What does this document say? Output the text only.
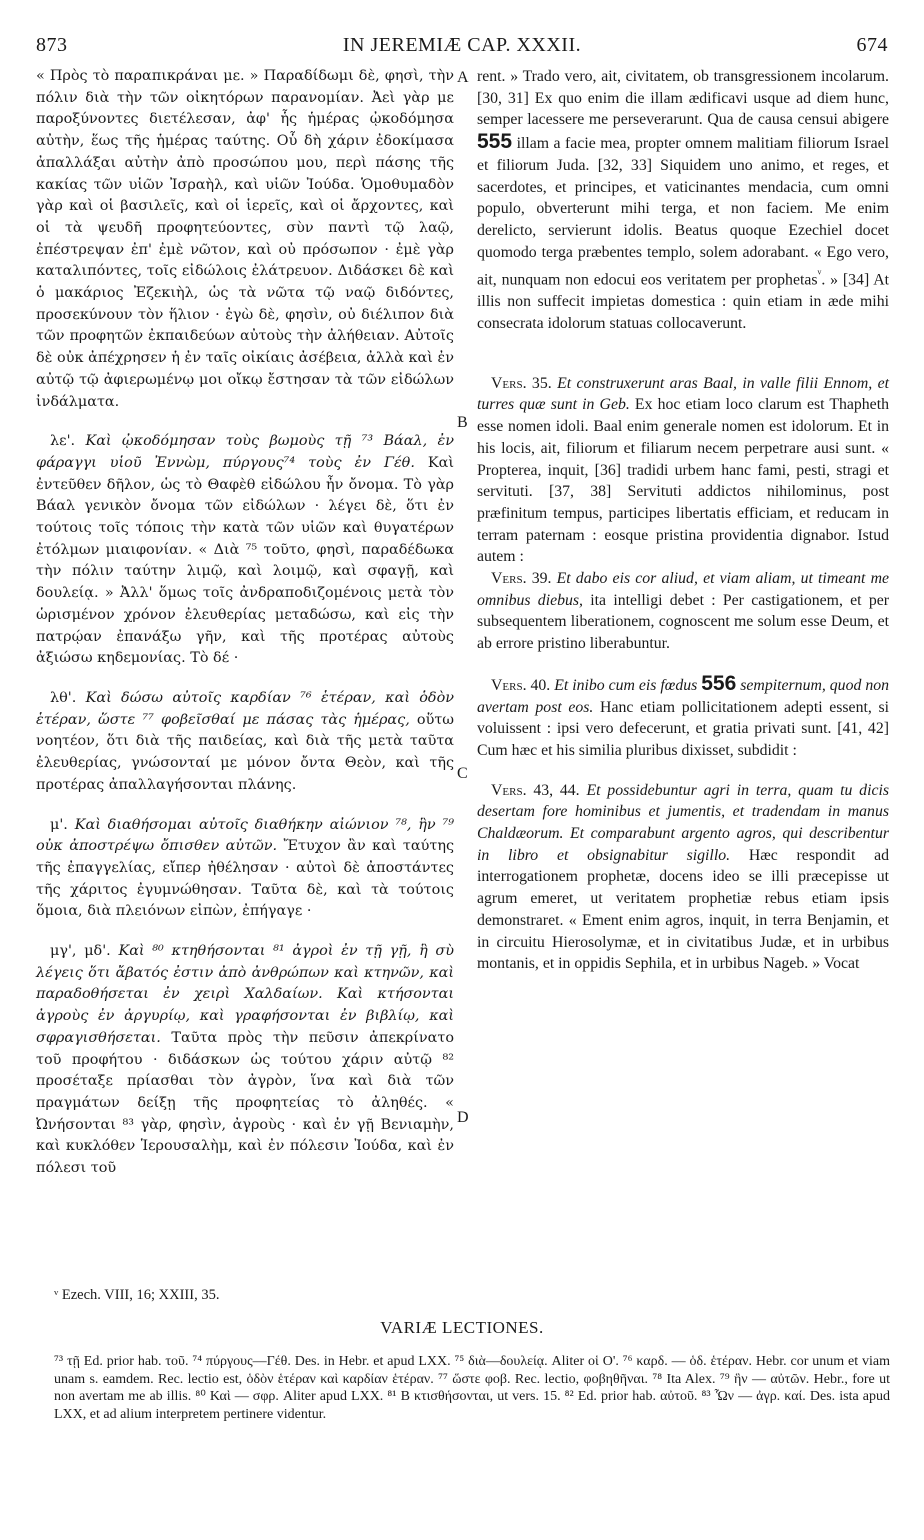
873	IN JEREMIÆ CAP. XXXII.	674

« Πρὸς τὸ παραπικράναι με. » Παραδίδωμι δὲ, φησὶ, τὴν πόλιν διὰ τὴν τῶν οἰκητόρων παρανομίαν. Ἀεὶ γὰρ με παροξύνοντες διετέλεσαν, ἀφ' ἧς ἡμέρας ᾠκοδόμησα αὐτὴν, ἕως τῆς ἡμέρας ταύτης. Οὗ δὴ χάριν ἐδοκίμασα ἀπαλλάξαι αὐτὴν ἀπὸ προσώπου μου, περὶ πάσης τῆς κακίας τῶν υἱῶν Ἰσραὴλ, καὶ υἱῶν Ἰούδα. Ὁμοθυμαδὸν γὰρ καὶ οἱ βασιλεῖς, καὶ οἱ ἱερεῖς, καὶ οἱ ἄρχοντες, καὶ οἱ τὰ ψευδῆ προφητεύοντες, σὺν παντὶ τῷ λαῷ, ἐπέστρεψαν ἐπ' ἐμὲ νῶτον, καὶ οὐ πρόσωπον · ἐμὲ γὰρ καταλιπόντες, τοῖς εἰδώλοις ἐλάτρευον. Διδάσκει δὲ καὶ ὁ μακάριος Ἐζεκιὴλ, ὡς τὰ νῶτα τῷ ναῷ διδόντες, προσεκύνουν τὸν ἥλιον · ἐγὼ δὲ, φησὶν, οὐ διέλιπον διὰ τῶν προφητῶν ἐκπαιδεύων αὐτοὺς τὴν ἀλήθειαν. Αὐτοῖς δὲ οὐκ ἀπέχρησεν ἡ ἐν ταῖς οἰκίαις ἀσέβεια, ἀλλὰ καὶ ἐν αὐτῷ τῷ ἀφιερωμένῳ μοι οἴκῳ ἔστησαν τὰ τῶν εἰδώλων ἰνδάλματα.

λε'. Καὶ ᾠκοδόμησαν τοὺς βωμοὺς τῇ ⁷³ Βάαλ, ἐν φάραγγι υἱοῦ Ἐννὼμ, πύργους⁷⁴ τοὺς ἐν Γέθ. Καὶ ἐντεῦθεν δῆλον, ὡς τὸ Θαφὲθ εἰδώλου ἦν ὄνομα. Τὸ γὰρ Βάαλ γενικὸν ὄνομα τῶν εἰδώλων · λέγει δὲ, ὅτι ἐν τούτοις τοῖς τόποις τὴν κατὰ τῶν υἱῶν καὶ θυγατέρων ἐτόλμων μιαιφονίαν. « Διὰ ⁷⁵ τοῦτο, φησὶ, παραδέδωκα τὴν πόλιν ταύτην λιμῷ, καὶ λοιμῷ, καὶ σφαγῇ, καὶ δουλείᾳ. » Ἀλλ' ὅμως τοῖς ἀνδραποδιζομένοις μετὰ τὸν ὡρισμένον χρόνον ἐλευθερίας μεταδώσω, καὶ εἰς τὴν πατρῴαν ἐπανάξω γῆν, καὶ τῆς προτέρας αὐτοὺς ἀξιώσω κηδεμονίας. Τὸ δέ ·

λθ'. Καὶ δώσω αὐτοῖς καρδίαν ⁷⁶ ἑτέραν, καὶ ὁδὸν ἑτέραν, ὥστε ⁷⁷ φοβεῖσθαί με πάσας τὰς ἡμέρας, οὕτω νοητέον, ὅτι διὰ τῆς παιδείας, καὶ διὰ τῆς μετὰ ταῦτα ἐλευθερίας, γνώσονταί με μόνον ὄντα Θεὸν, καὶ τῆς προτέρας ἀπαλλαγήσονται πλάνης.

μ'. Καὶ διαθήσομαι αὐτοῖς διαθήκην αἰώνιον ⁷⁸, ἣν ⁷⁹ οὐκ ἀποστρέψω ὄπισθεν αὐτῶν. Ἔτυχον ἂν καὶ ταύτης τῆς ἐπαγγελίας, εἴπερ ἠθέλησαν · αὐτοὶ δὲ ἀποστάντες τῆς χάριτος ἐγυμνώθησαν. Ταῦτα δὲ, καὶ τὰ τούτοις ὅμοια, διὰ πλειόνων εἰπὼν, ἐπήγαγε ·

μγ', μδ'. Καὶ ⁸⁰ κτηθήσονται ⁸¹ ἀγροὶ ἐν τῇ γῇ, ἣ σὺ λέγεις ὅτι ἄβατός ἐστιν ἀπὸ ἀνθρώπων καὶ κτηνῶν, καὶ παραδοθήσεται ἐν χειρὶ Χαλδαίων. Καὶ κτήσονται ἀγροὺς ἐν ἀργυρίῳ, καὶ γραφήσονται ἐν βιβλίῳ, καὶ σφραγισθήσεται. Ταῦτα πρὸς τὴν πεῦσιν ἀπεκρίνατο τοῦ προφήτου · διδάσκων ὡς τούτου χάριν αὐτῷ ⁸² προσέταξε πρίασθαι τὸν ἀγρὸν, ἵνα καὶ διὰ τῶν πραγμάτων δείξῃ τῆς προφητείας τὸ ἀληθές. « Ὠνήσονται ⁸³ γὰρ, φησὶν, ἀγροὺς · καὶ ἐν γῇ Βενιαμὴν, καὶ κυκλόθεν Ἱερουσαλὴμ, καὶ ἐν πόλεσιν Ἰούδα, καὶ ἐν πόλεσι τοῦ

A
B
C
D

rent. » Trado vero, ait, civitatem, ob transgressionem incolarum. [30, 31] Ex quo enim die illam ædificavi usque ad diem hunc, semper lacessere me perseverarunt. Qua de causa censui abigere 555 illam a facie mea, propter omnem malitiam filiorum Israel et filiorum Juda. [32, 33] Siquidem uno animo, et reges, et sacerdotes, et principes, et vaticinantes mendacia, cum omni populo, obverterunt mihi terga, et non faciem. Me enim derelicto, servierunt idolis. Beatus quoque Ezechiel docet quomodo terga præbentes templo, solem adorabant. « Ego vero, ait, nunquam non edocui eos veritatem per prophetas$^ᵛ$. » [34] At illis non suffecit impietas domestica : quin etiam in æde mihi consecrata idolorum statuas collocaverunt.

Vers. 35. Et construxerunt aras Baal, in valle filii Ennom, et turres quæ sunt in Geb. Ex hoc etiam loco clarum est Thapheth esse nomen idoli. Baal enim generale nomen est idolorum. Et in his locis, ait, filiorum et filiarum necem perpetrare ausi sunt. « Propterea, inquit, [36] tradidi urbem hanc fami, pesti, stragi et servituti. [37, 38] Servituti addictos nihilominus, post præfinitum tempus, participes libertatis efficiam, et reducam in terram paternam : eosque pristina providentia dignabor. Istud autem :

Vers. 39. Et dabo eis cor aliud, et viam aliam, ut timeant me omnibus diebus, ita intelligi debet : Per castigationem, et per subsequentem liberationem, cognoscent me solum esse Deum, et ab errore pristino liberabuntur.

Vers. 40. Et inibo cum eis fœdus 556 sempiternum, quod non avertam post eos. Hanc etiam pollicitationem adepti essent, si voluissent : ipsi vero defecerunt, et gratia privati sunt. [41, 42] Cum hæc et his similia pluribus dixisset, subdidit :

Vers. 43, 44. Et possidebuntur agri in terra, quam tu dicis desertam fore hominibus et jumentis, et tradendam in manus Chaldæorum. Et comparabunt argento agros, qui describentur in libro et obsignabitur sigillo. Hæc respondit ad interrogationem prophetæ, docens ideo se illi præcepisse ut agrum emeret, ut veritatem prophetiæ rebus etiam ipsis demonstraret. « Ement enim agros, inquit, in terra Benjamin, et in circuitu Hierosolymæ, et in civitatibus Judæ, et in urbibus montanis, et in oppidis Sephila, et in urbibus Nageb. » Vocat

ᵛ Ezech. VIII, 16; XXIII, 35.
VARIÆ LECTIONES.

⁷³ τῇ Ed. prior hab. τοῦ. ⁷⁴ πύργους—Γέθ. Des. in Hebr. et apud LXX. ⁷⁵ διὰ—δουλείᾳ. Aliter οἱ Ο'. ⁷⁶ καρδ. — ὁδ. ἑτέραν. Hebr. cor unum et viam unam s. eamdem. Rec. lectio est, ὁδὸν ἑτέραν καὶ καρδίαν ἑτέραν. ⁷⁷ ὥστε φοβ. Rec. lectio, φοβηθῆναι. ⁷⁸ Ita Alex. ⁷⁹ ἣν — αὐτῶν. Hebr., fore ut non avertam me ab illis. ⁸⁰ Καὶ — σφρ. Aliter apud LXX. ⁸¹ B κτισθήσονται, ut vers. 15. ⁸² Ed. prior hab. αὐτοῦ. ⁸³ Ὧν — ἀγρ. καί. Des. ista apud LXX, et ad alium interpretem pertinere videntur.
